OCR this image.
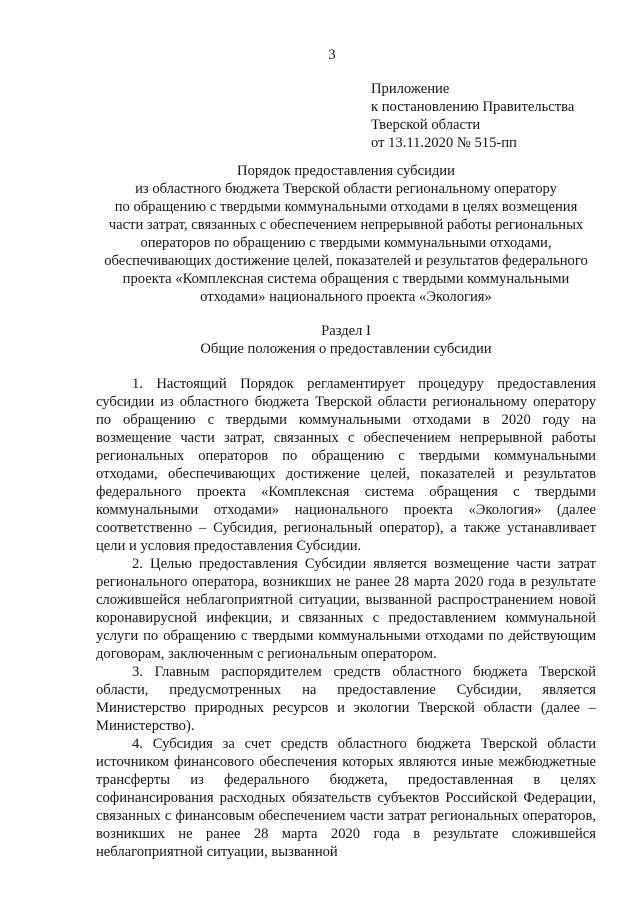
3
Приложение
к постановлению Правительства
Тверской области
от 13.11.2020 № 515-пп
Порядок предоставления субсидии
из областного бюджета Тверской области региональному оператору
по обращению с твердыми коммунальными отходами в целях возмещения
части затрат, связанных с обеспечением непрерывной работы региональных
операторов по обращению с твердыми коммунальными отходами,
обеспечивающих достижение целей, показателей и результатов федерального
проекта «Комплексная система обращения с твердыми коммунальными
отходами» национального проекта «Экология»
Раздел I
Общие положения о предоставлении субсидии

1. Настоящий Порядок регламентирует процедуру предоставления субсидии из областного бюджета Тверской области региональному оператору по обращению с твердыми коммунальными отходами в 2020 году на возмещение части затрат, связанных с обеспечением непрерывной работы региональных операторов по обращению с твердыми коммунальными отходами, обеспечивающих достижение целей, показателей и результатов федерального проекта «Комплексная система обращения с твердыми коммунальными отходами» национального проекта «Экология» (далее соответственно – Субсидия, региональный оператор), а также устанавливает цели и условия предоставления Субсидии.

2. Целью предоставления Субсидии является возмещение части затрат регионального оператора, возникших не ранее 28 марта 2020 года в результате сложившейся неблагоприятной ситуации, вызванной распространением новой коронавирусной инфекции, и связанных с предоставлением коммунальной услуги по обращению с твердыми коммунальными отходами по действующим договорам, заключенным с региональным оператором.

3. Главным распорядителем средств областного бюджета Тверской области, предусмотренных на предоставление Субсидии, является Министерство природных ресурсов и экологии Тверской области (далее – Министерство).

4. Субсидия за счет средств областного бюджета Тверской области источником финансового обеспечения которых являются иные межбюджетные трансферты из федерального бюджета, предоставленная в целях софинансирования расходных обязательств субъектов Российской Федерации, связанных с финансовым обеспечением части затрат региональных операторов, возникших не ранее 28 марта 2020 года в результате сложившейся неблагоприятной ситуации, вызванной
